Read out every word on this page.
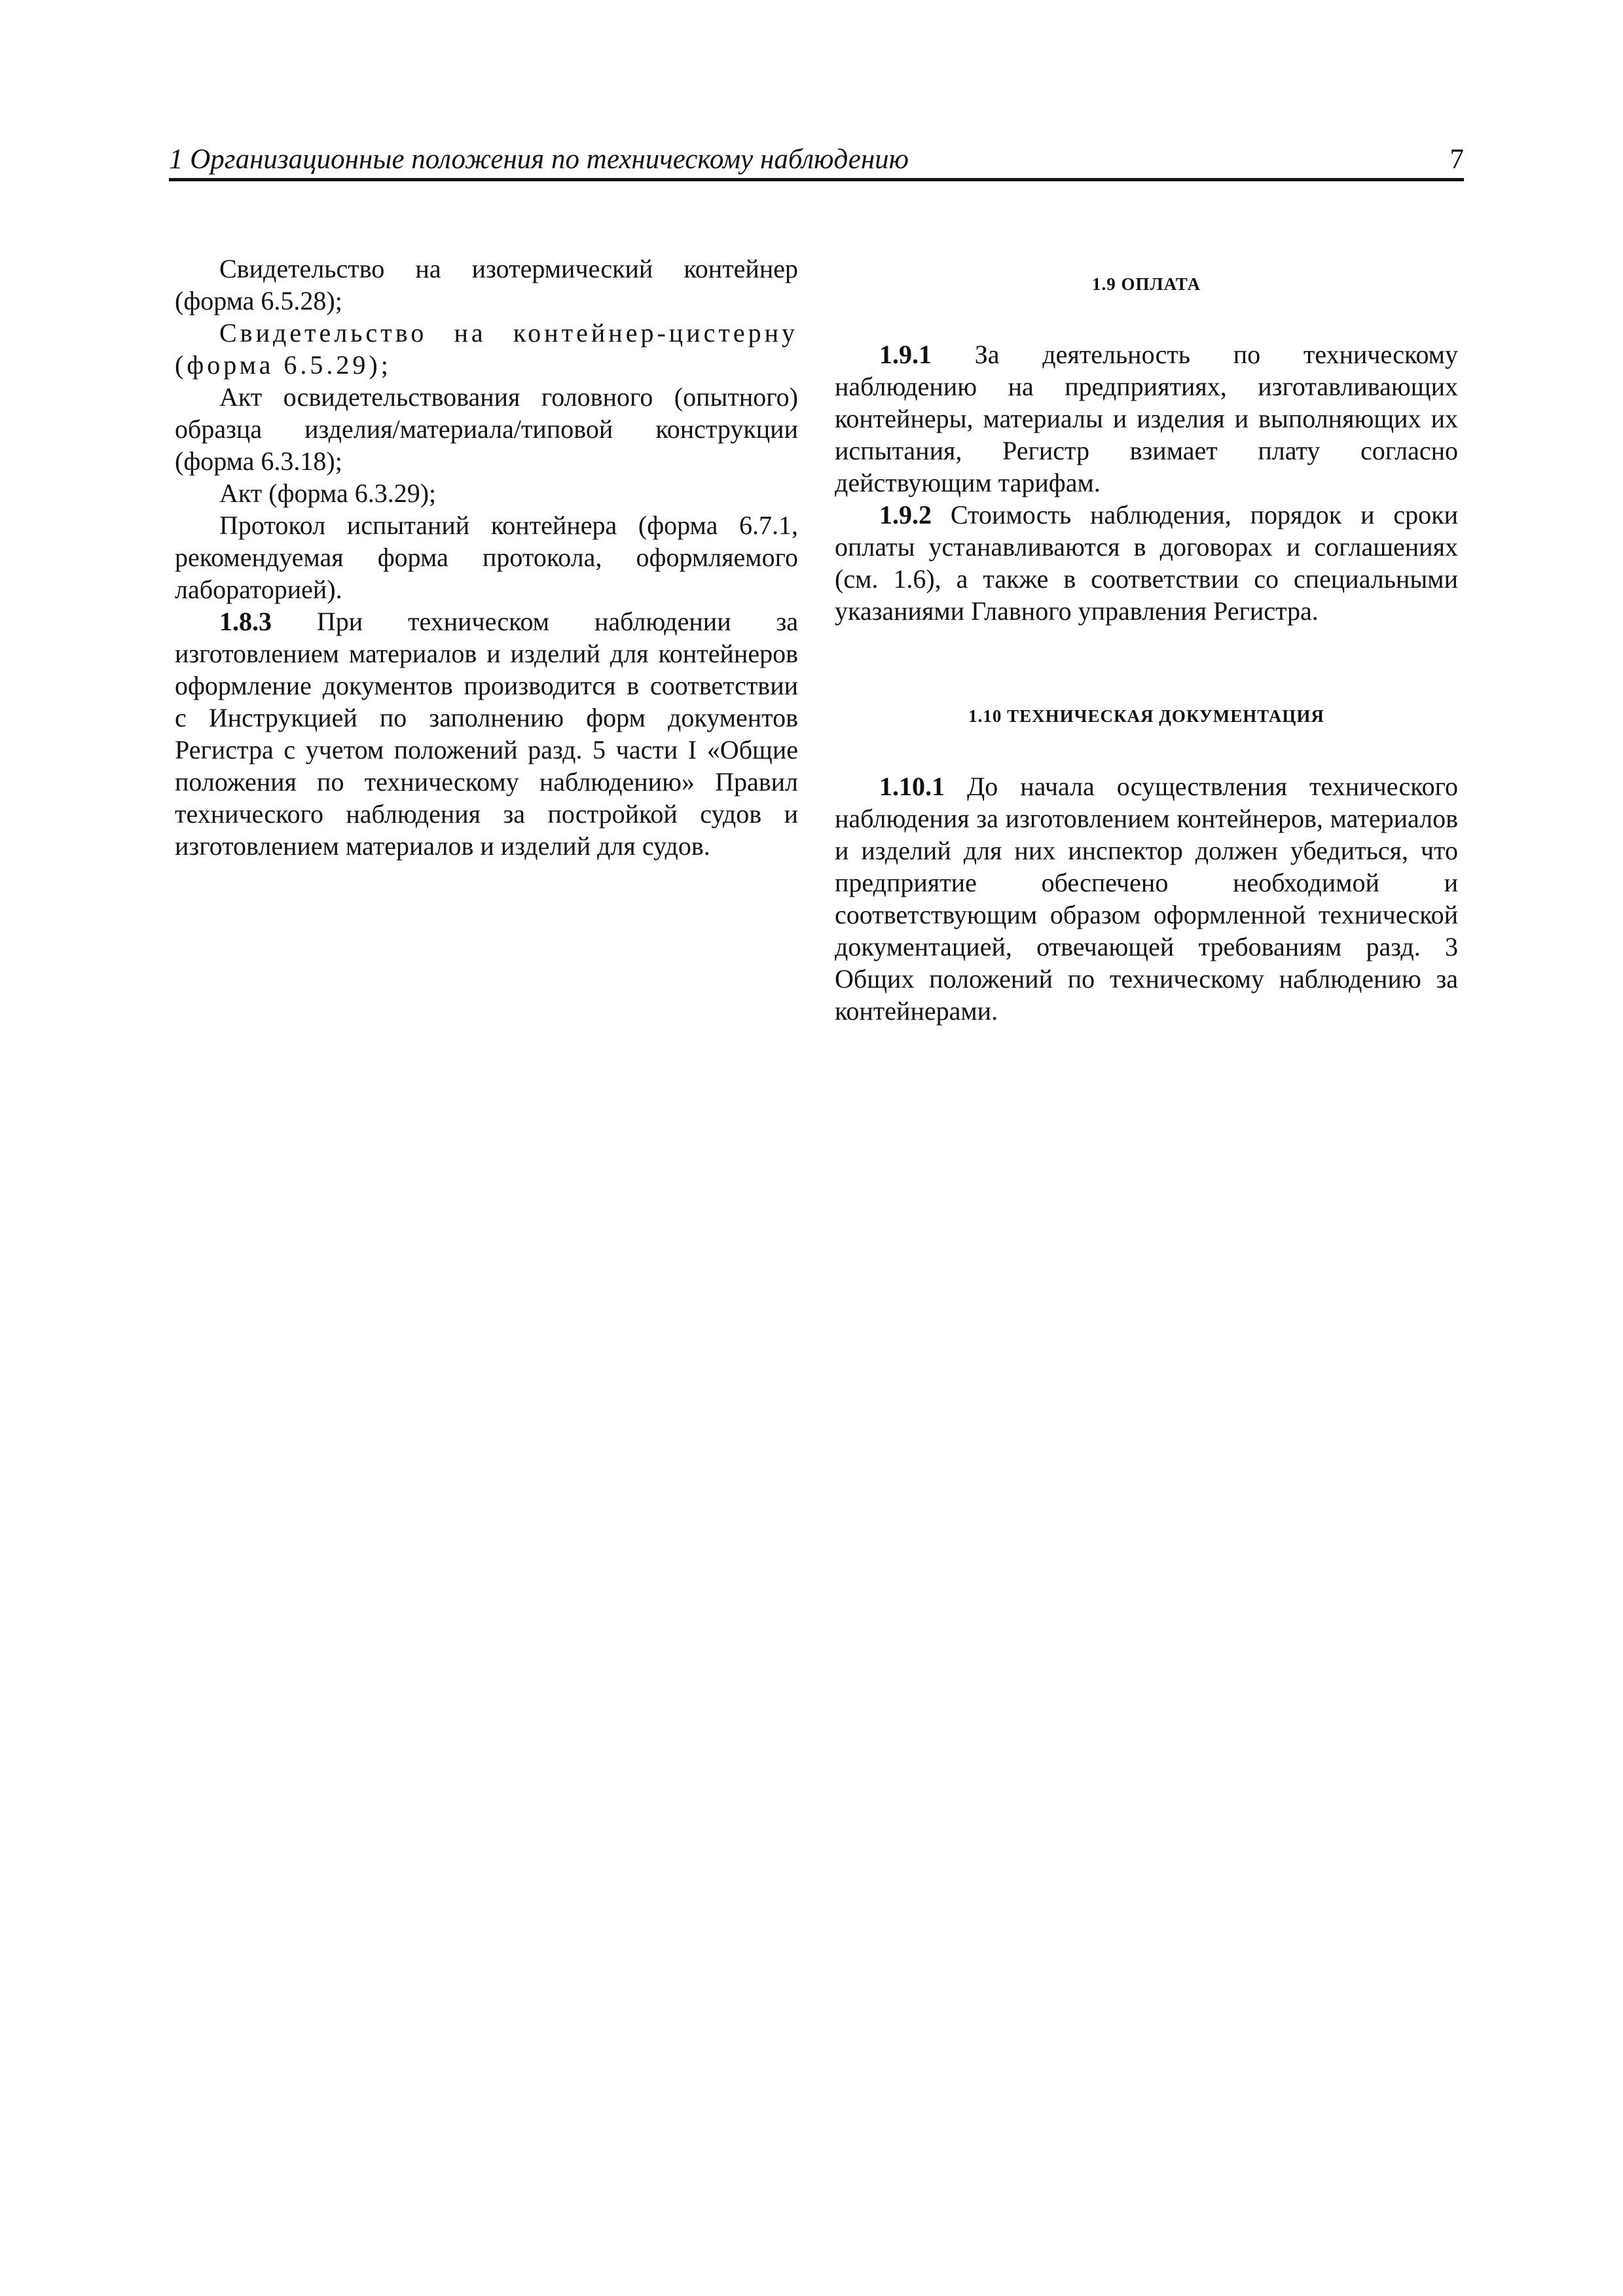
1 Организационные положения по техническому наблюдению	7

Свидетельство на изотермический контейнер (форма 6.5.28);

Свидетельство на контейнер-цистерну (форма 6.5.29);

Акт освидетельствования головного (опытного) образца изделия/материала/типовой конструкции (форма 6.3.18);

Акт (форма 6.3.29);

Протокол испытаний контейнера (форма 6.7.1, рекомендуемая форма протокола, оформляемого лабораторией).

1.8.3 При техническом наблюдении за изготовлением материалов и изделий для контейнеров оформление документов производится в соответствии с Инструкцией по заполнению форм документов Регистра с учетом положений разд. 5 части I «Общие положения по техническому наблюдению» Правил технического наблюдения за постройкой судов и изготовлением материалов и изделий для судов.

1.9 ОПЛАТА

1.9.1 За деятельность по техническому наблюдению на предприятиях, изготавливающих контейнеры, материалы и изделия и выполняющих их испытания, Регистр взимает плату согласно действующим тарифам.

1.9.2 Стоимость наблюдения, порядок и сроки оплаты устанавливаются в договорах и соглашениях (см. 1.6), а также в соответствии со специальными указаниями Главного управления Регистра.

1.10 ТЕХНИЧЕСКАЯ ДОКУМЕНТАЦИЯ

1.10.1 До начала осуществления технического наблюдения за изготовлением контейнеров, материалов и изделий для них инспектор должен убедиться, что предприятие обеспечено необходимой и соответствующим образом оформленной технической документацией, отвечающей требованиям разд. 3 Общих положений по техническому наблюдению за контейнерами.
